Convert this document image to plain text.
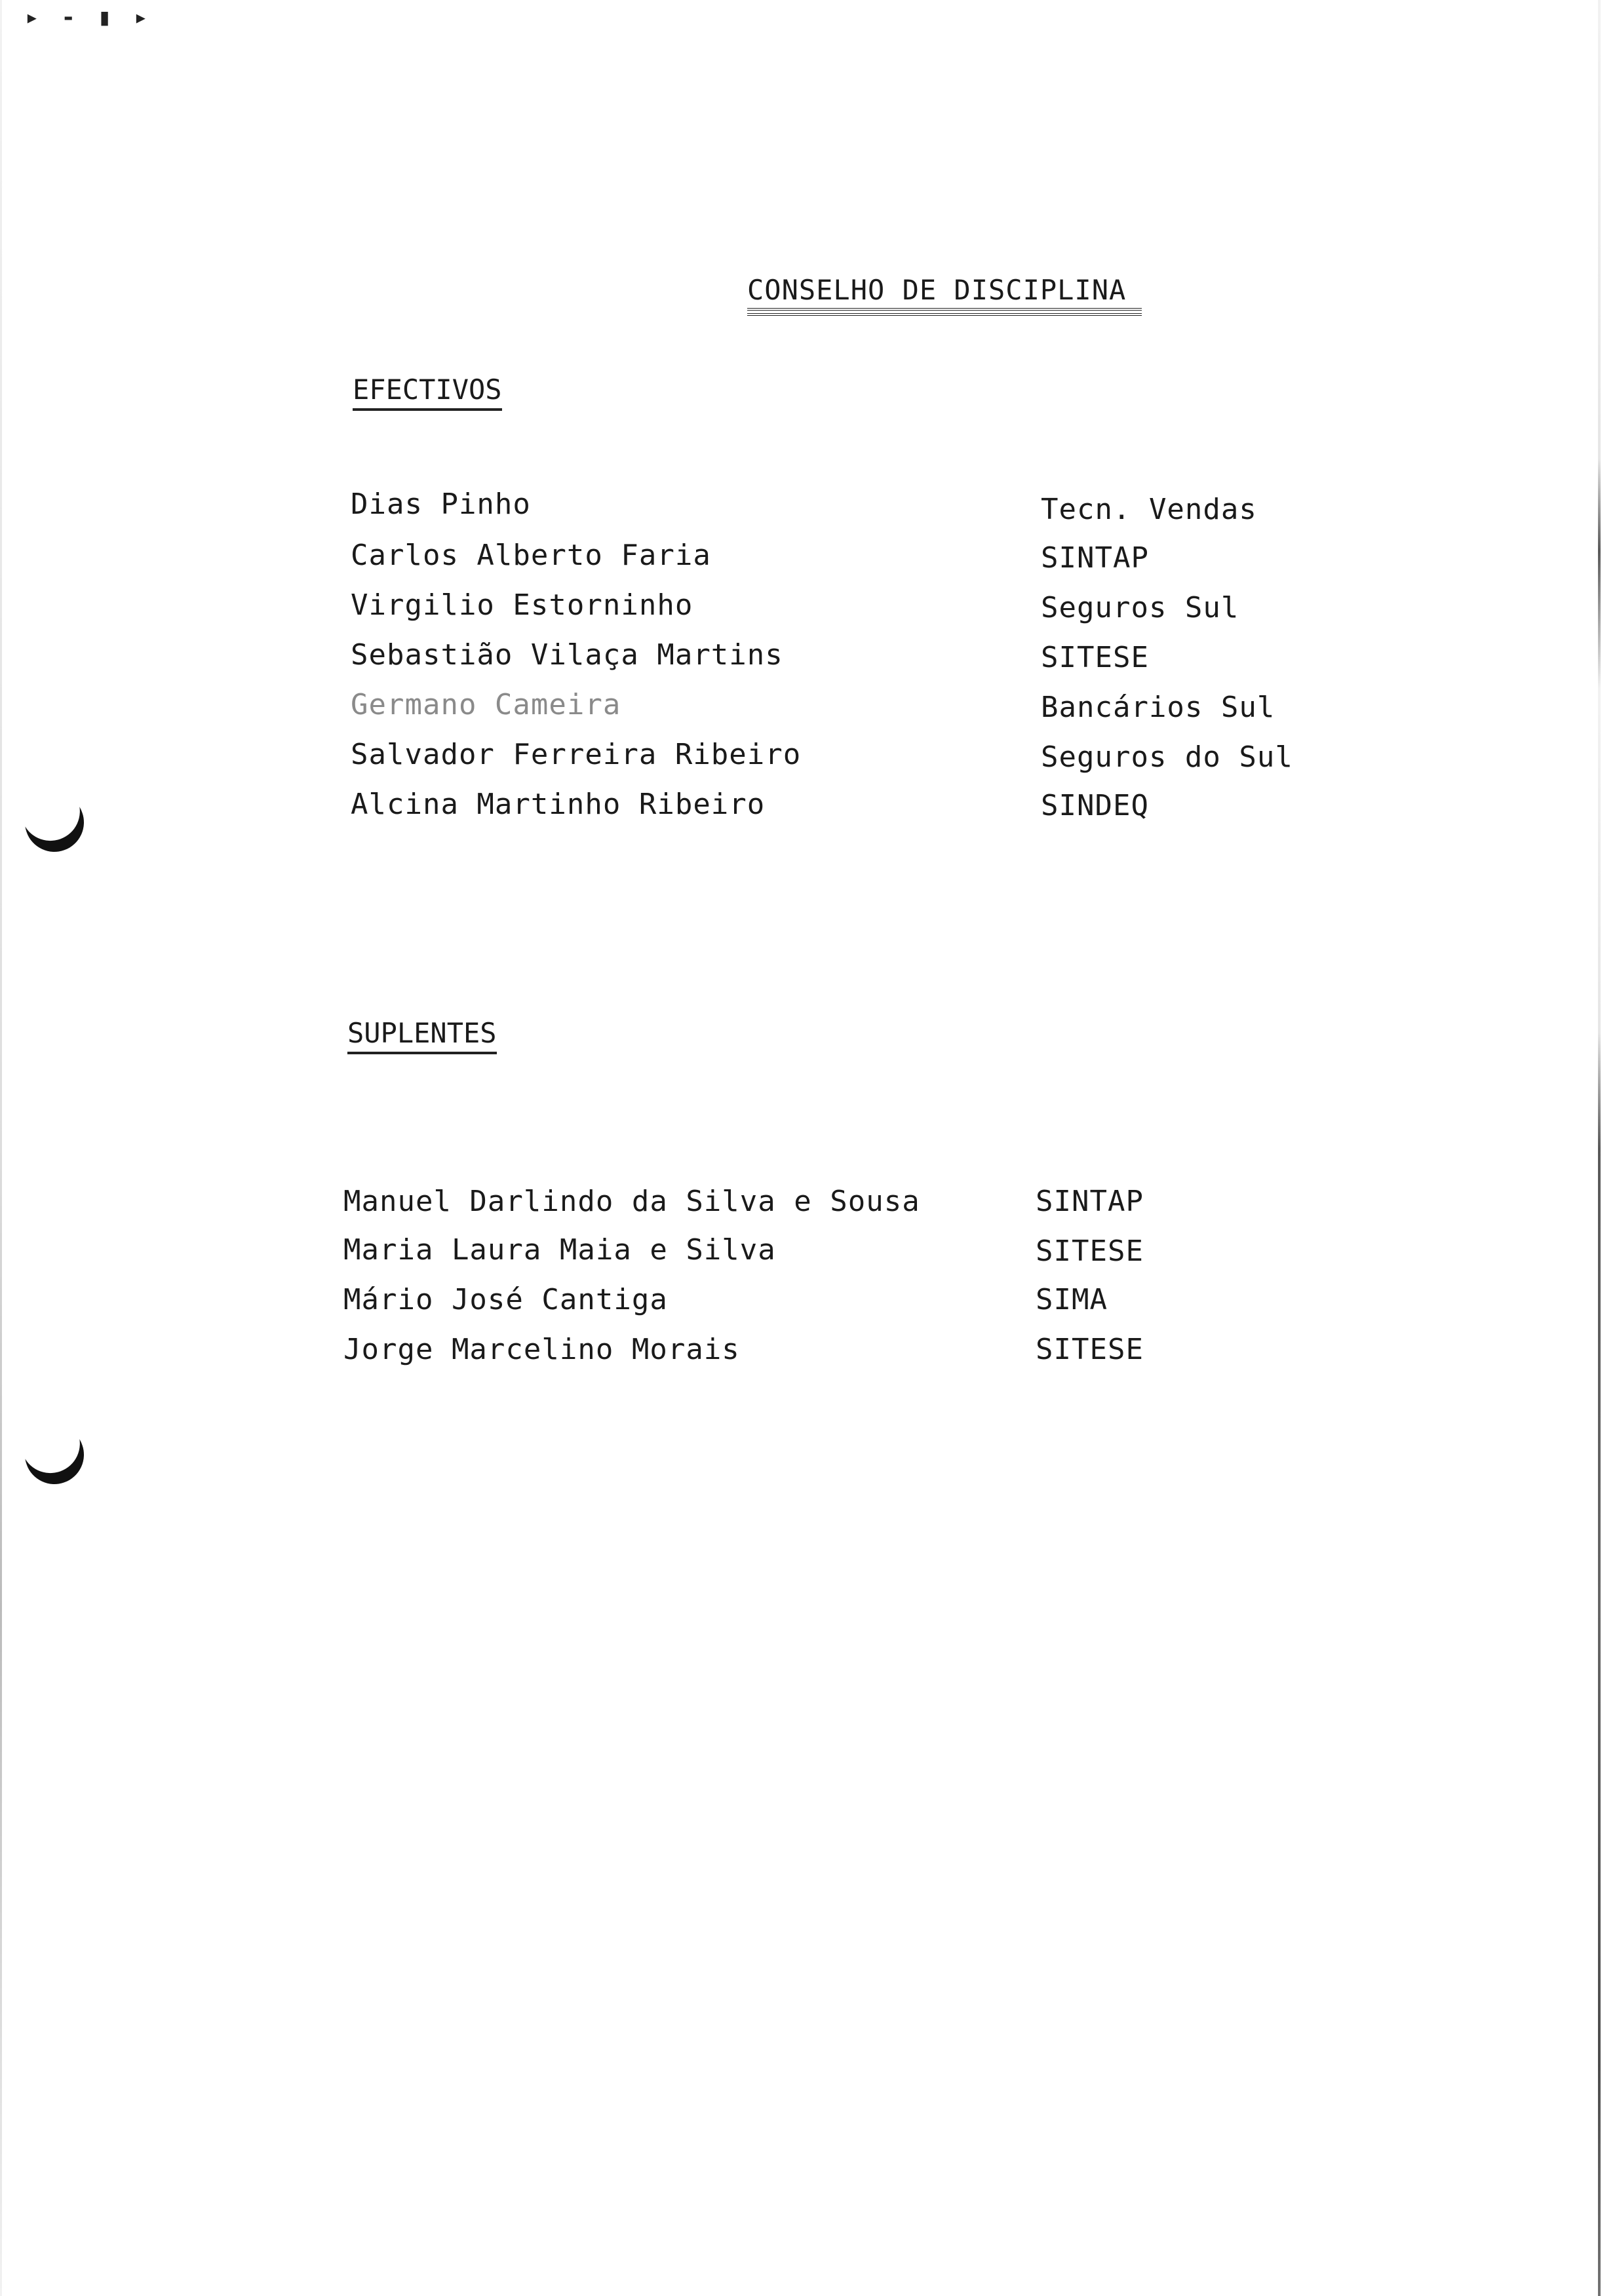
▸ - ▮ ▸
CONSELHO DE DISCIPLINA
EFECTIVOS
Dias Pinho	Tecn. Vendas
Carlos Alberto Faria	SINTAP
Virgilio Estorninho	Seguros Sul
Sebastião Vilaça Martins	SITESE
Germano Cameira	Bancários Sul
Salvador Ferreira Ribeiro	Seguros do Sul
Alcina Martinho Ribeiro	SINDEQ
SUPLENTES
Manuel Darlindo da Silva e Sousa	SINTAP
Maria Laura Maia e Silva	SITESE
Mário José Cantiga	SIMA
Jorge Marcelino Morais	SITESE
